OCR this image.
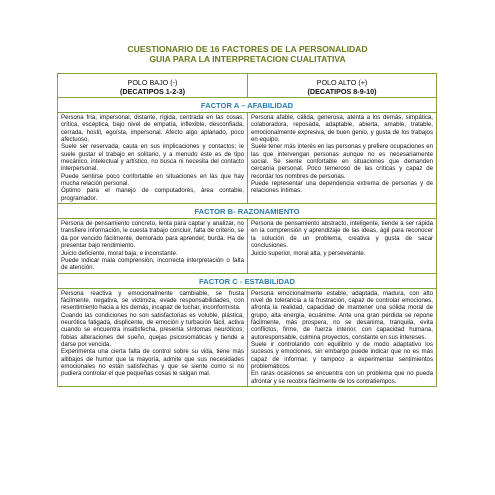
CUESTIONARIO DE 16 FACTORES DE LA PERSONALIDAD
GUIA PARA LA INTERPRETACION CUALITATIVA
POLO BAJO (-)
(DECATIPOS 1-2-3)
POLO ALTO (+)
(DECATIPOS 8-9-10)
FACTOR A – AFABILIDAD
Persona fría, impersonal, distante, rígida, centrada en las cosas, crítica, escéptica, bajo nivel de empatía, inflexible, desconfiada, cerrada, hostil, egoísta, impersonal. Afecto algo aplanado, poco afectuoso.
Suele ser reservada, cauta en sus implicaciones y contactos; le suele gustar el trabajo en solitario, y a menudo éste es de tipo mecánico, intelectual y artístico, no busca ni necesita del contacto interpersonal.
Puede sentirse poco confortable en situaciones en las que hay mucha relación personal.
Óptimo para el manejo de computadores, área contable, programador.
Persona afable, cálida, generosa, atenta a los demás, simpática, colaboradora, reposada, adaptable, abierta, amable, tratable, emocionalmente expresiva, de buen genio, y gusta de los trabajos en equipo.
Suele tener más interés en las personas y prefiere ocupaciones en las que intervengan personas aunque no es necesariamente social. Se siente confortable en situaciones que demanden cercanía personal. Poco temeroso de las críticas y capaz de recordar los nombres de personas.
Puede representar una dependencia extrema de personas y de relaciones íntimas.
FACTOR B- RAZONAMIENTO
Persona de pensamiento concreto, lenta para captar y analizar, no transfiere información, le cuesta trabajo concluir, falta de criterio, se da por vencido fácilmente, demorado para aprender, burda. Ha de presentar bajo rendimiento.
Juicio deficiente, moral baja, e inconstante.
Puede indicar mala comprensión, incorrecta interpretación o falta de atención.
Persona de pensamiento abstracto, inteligente, tiende a ser rápida en la comprensión y aprendizaje de las ideas, ágil para reconocer la solución de un problema, creativa y gusta de sacar conclusiones.
Juicio superior, moral alta, y perseverante.
FACTOR C - ESTABILIDAD
Persona reactiva y emocionalmente cambiable, se frusta fácilmente, negativa, se victimiza, evade responsabilidades, con resentimiento hacia a los demás, incapaz de luchar, inconformista.
Cuando las condiciones no son satisfactorias es voluble, plástica, neurótica fatigada, displicente, de emoción y turbación fácil, activa cuando se encuentra insatisfecha, presenta síntomas neuróticos; fobias alteraciones del sueño, quejas psicosomáticas y tiende a darse por vencida.
Experimenta una cierta falta de control sobre su vida, tiene más altibajos de humor que la mayoría, admite que sus necesidades emocionales no están satisfechas y que se siente como si no pudiera controlar el que pequeñas cosas le salgan mal.
Persona emocionalmente estable, adaptada, madura, con alto nivel de tolerancia a la frustración, capaz de controlar emociones, afronta la realidad, capacidad de mantener una sólida moral de grupo, alta energía, ecuánime. Ante una gran pérdida se repone fácilmente, más prospera, no se desanima, tranquila, evita conflictos, firme, de fuerza interior, con capacidad humana, autoresponsable, culmina proyectos, constante en sus intereses.
Suele ir controlando con equilibrio y de modo adaptativo los sucesos y emociones, sin embargo puede indicar que no es más capaz de informar, y tampoco a experimentar sentimientos problemáticos.
En raras ocasiones se encuentra con un problema que no pueda afrontar y se recobra fácilmente de los contratiempos.
